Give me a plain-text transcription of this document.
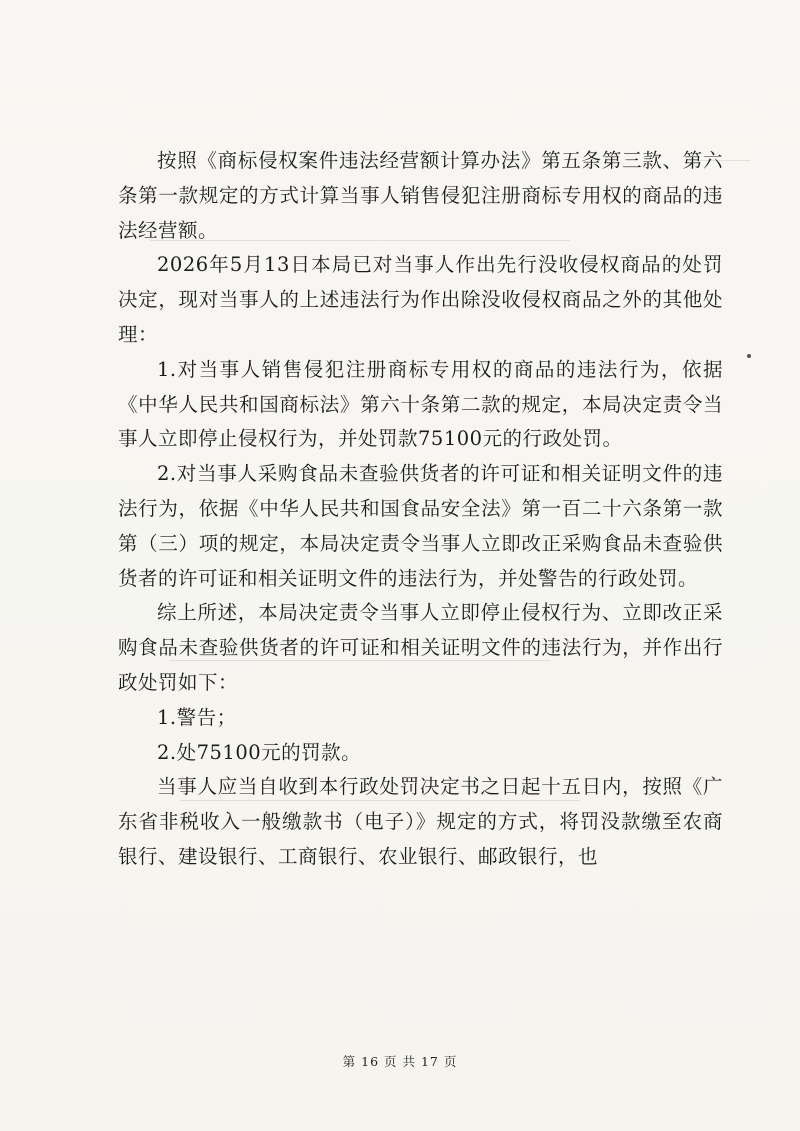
按照《商标侵权案件违法经营额计算办法》第五条第三款、第六条第一款规定的方式计算当事人销售侵犯注册商标专用权的商品的违法经营额。

2026年5月13日本局已对当事人作出先行没收侵权商品的处罚决定，现对当事人的上述违法行为作出除没收侵权商品之外的其他处理：

1.对当事人销售侵犯注册商标专用权的商品的违法行为，依据《中华人民共和国商标法》第六十条第二款的规定，本局决定责令当事人立即停止侵权行为，并处罚款75100元的行政处罚。

2.对当事人采购食品未查验供货者的许可证和相关证明文件的违法行为，依据《中华人民共和国食品安全法》第一百二十六条第一款第（三）项的规定，本局决定责令当事人立即改正采购食品未查验供货者的许可证和相关证明文件的违法行为，并处警告的行政处罚。

综上所述，本局决定责令当事人立即停止侵权行为、立即改正采购食品未查验供货者的许可证和相关证明文件的违法行为，并作出行政处罚如下：

1.警告；

2.处75100元的罚款。

当事人应当自收到本行政处罚决定书之日起十五日内，按照《广东省非税收入一般缴款书（电子）》规定的方式，将罚没款缴至农商银行、建设银行、工商银行、农业银行、邮政银行，也

第 16 页 共 17 页
